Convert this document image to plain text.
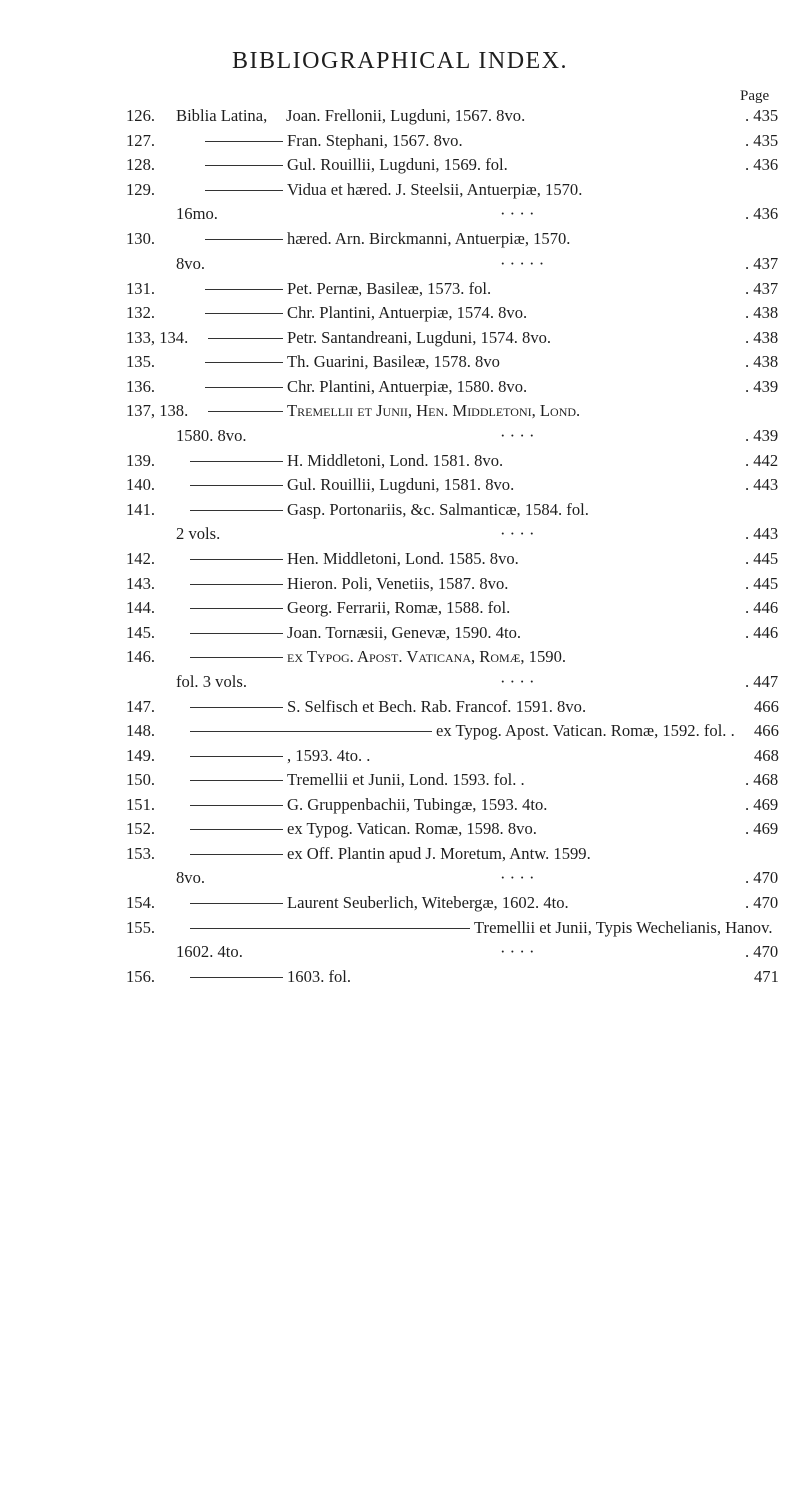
BIBLIOGRAPHICAL INDEX.
Page
126. Biblia Latina, Joan. Frellonii, Lugduni, 1567. 8vo.	. 435
127.	Fran. Stephani, 1567. 8vo.	. 435
128.	Gul. Rouillii, Lugduni, 1569. fol.	. 436
129.	Vidua et hæred. J. Steelsii, Antuerpiæ, 1570.
16mo.	· · · ·	. 436
130.	hæred. Arn. Birckmanni, Antuerpiæ, 1570.
8vo.	· · · · ·	. 437
131.	Pet. Pernæ, Basileæ, 1573. fol.	. 437
132.	Chr. Plantini, Antuerpiæ, 1574. 8vo.	. 438
133, 134.	Petr. Santandreani, Lugduni, 1574. 8vo.	. 438
135.	Th. Guarini, Basileæ, 1578. 8vo	. 438
136.	Chr. Plantini, Antuerpiæ, 1580. 8vo.	. 439
137, 138.	Tremellii et Junii, Hen. Middletoni, Lond.
1580. 8vo.	· · · ·	. 439
139.	H. Middletoni, Lond. 1581. 8vo.	. 442
140.	Gul. Rouillii, Lugduni, 1581. 8vo.	. 443
141.	Gasp. Portonariis, &c. Salmanticæ, 1584. fol.
2 vols.	· · · ·	. 443
142.	Hen. Middletoni, Lond. 1585. 8vo.	. 445
143.	Hieron. Poli, Venetiis, 1587. 8vo.	. 445
144.	Georg. Ferrarii, Romæ, 1588. fol.	. 446
145.	Joan. Tornæsii, Genevæ, 1590. 4to.	. 446
146.	ex Typog. Apost. Vaticana, Romæ, 1590.
fol. 3 vols.	· · · ·	. 447
147.	S. Selfisch et Bech. Rab. Francof. 1591. 8vo.	466
148.	ex Typog. Apost. Vatican. Romæ, 1592. fol. . 466
149.	, 1593. 4to. .	468
150.	Tremellii et Junii, Lond. 1593. fol. .	. 468
151.	G. Gruppenbachii, Tubingæ, 1593. 4to.	. 469
152.	ex Typog. Vatican. Romæ, 1598. 8vo.	. 469
153.	ex Off. Plantin apud J. Moretum, Antw. 1599.
8vo.	· · · ·	. 470
154.	Laurent Seuberlich, Witebergæ, 1602. 4to.	. 470
155.	Tremellii et Junii, Typis Wechelianis, Hanov.
1602. 4to.	· · · ·	. 470
156.	1603. fol.	471
